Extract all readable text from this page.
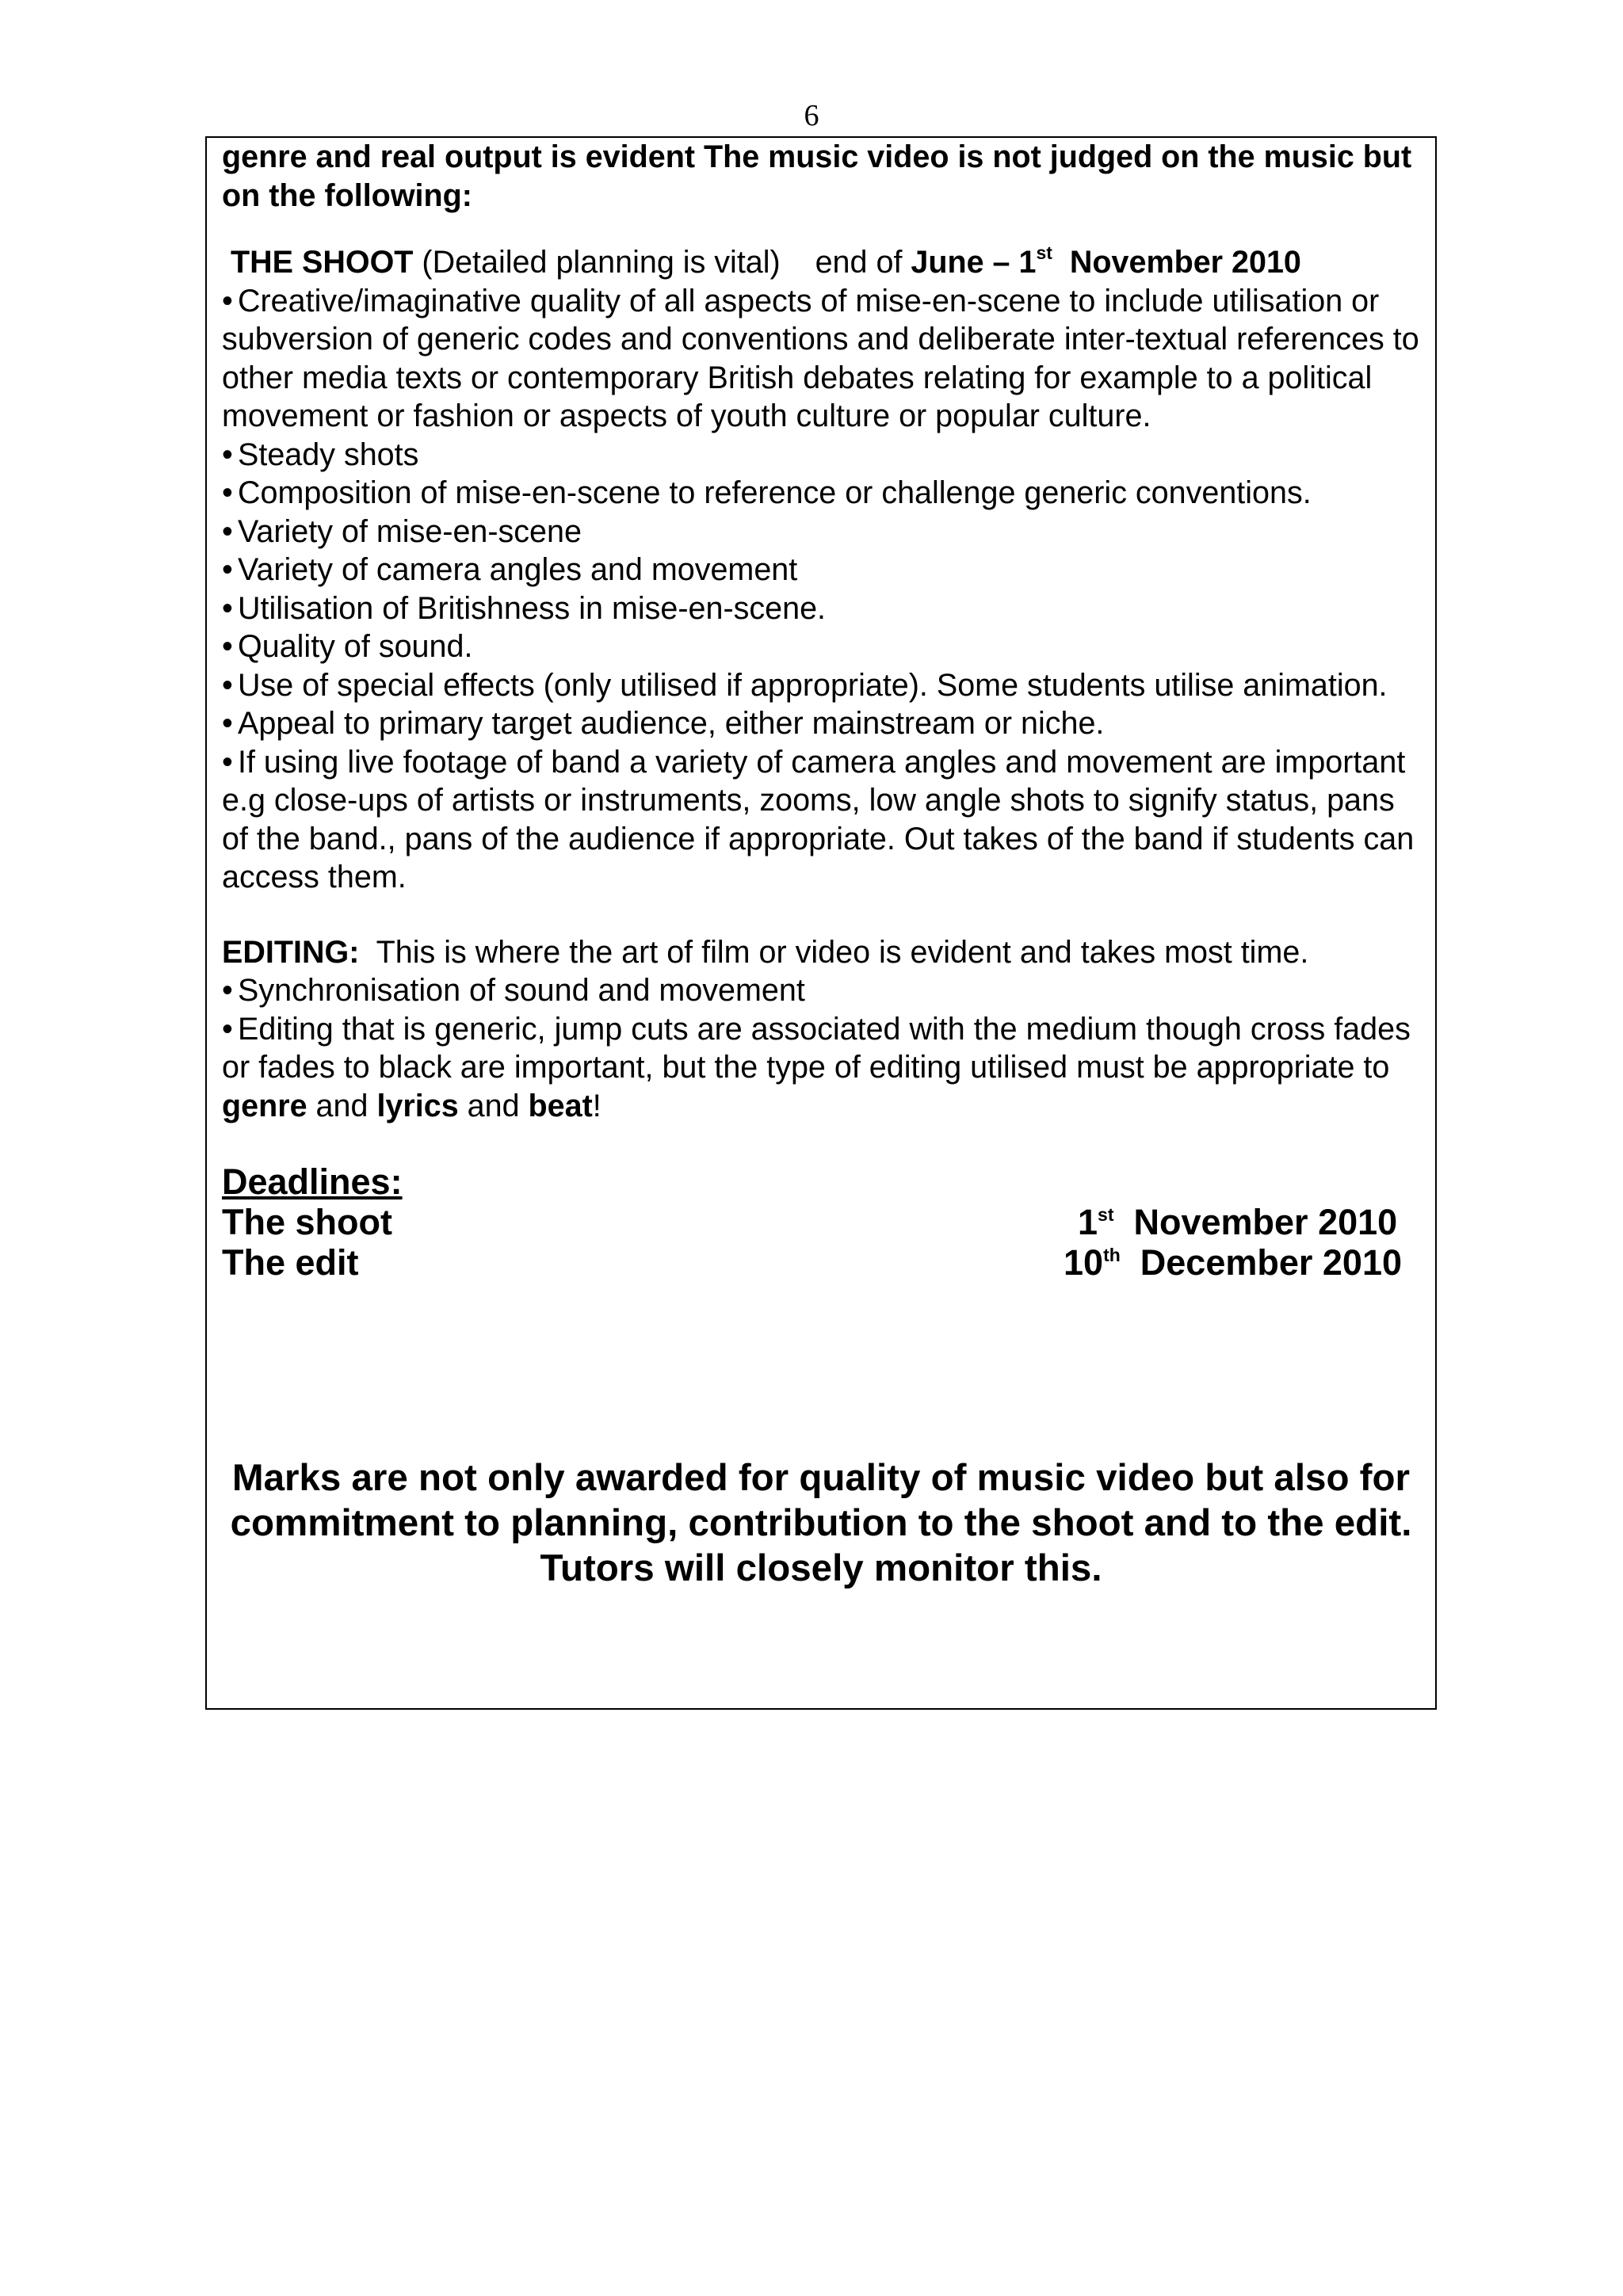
6

genre and real output is evident The music video is not judged on the music but on the following:

THE SHOOT (Detailed planning is vital)    end of June – 1st  November 2010

• Creative/imaginative quality of all aspects of mise-en-scene to include utilisation or subversion of generic codes and conventions and deliberate inter-textual references to other media texts or contemporary British debates relating for example to a political movement or fashion or aspects of youth culture or popular culture.

• Steady shots

• Composition of mise-en-scene to reference or challenge generic conventions.

• Variety of mise-en-scene

• Variety of camera angles and movement

• Utilisation of Britishness in mise-en-scene.

• Quality of sound.

• Use of special effects (only utilised if appropriate). Some students utilise animation.

• Appeal to primary target audience, either mainstream or niche.

• If using live footage of band a variety of camera angles and movement are important e.g close-ups of artists or instruments, zooms, low angle shots to signify status, pans of the band., pans of the audience if appropriate. Out takes of the band if students can access them.

EDITING:  This is where the art of film or video is evident and takes most time.

• Synchronisation of sound and movement

• Editing that is generic, jump cuts are associated with the medium though cross fades or fades to black are important, but the type of editing utilised must be appropriate to genre and lyrics and beat!

Deadlines:
The shoot	1st  November 2010
The edit	10th  December 2010
Marks are not only awarded for quality of music video but also for commitment to planning, contribution to the shoot and to the edit. Tutors will closely monitor this.
